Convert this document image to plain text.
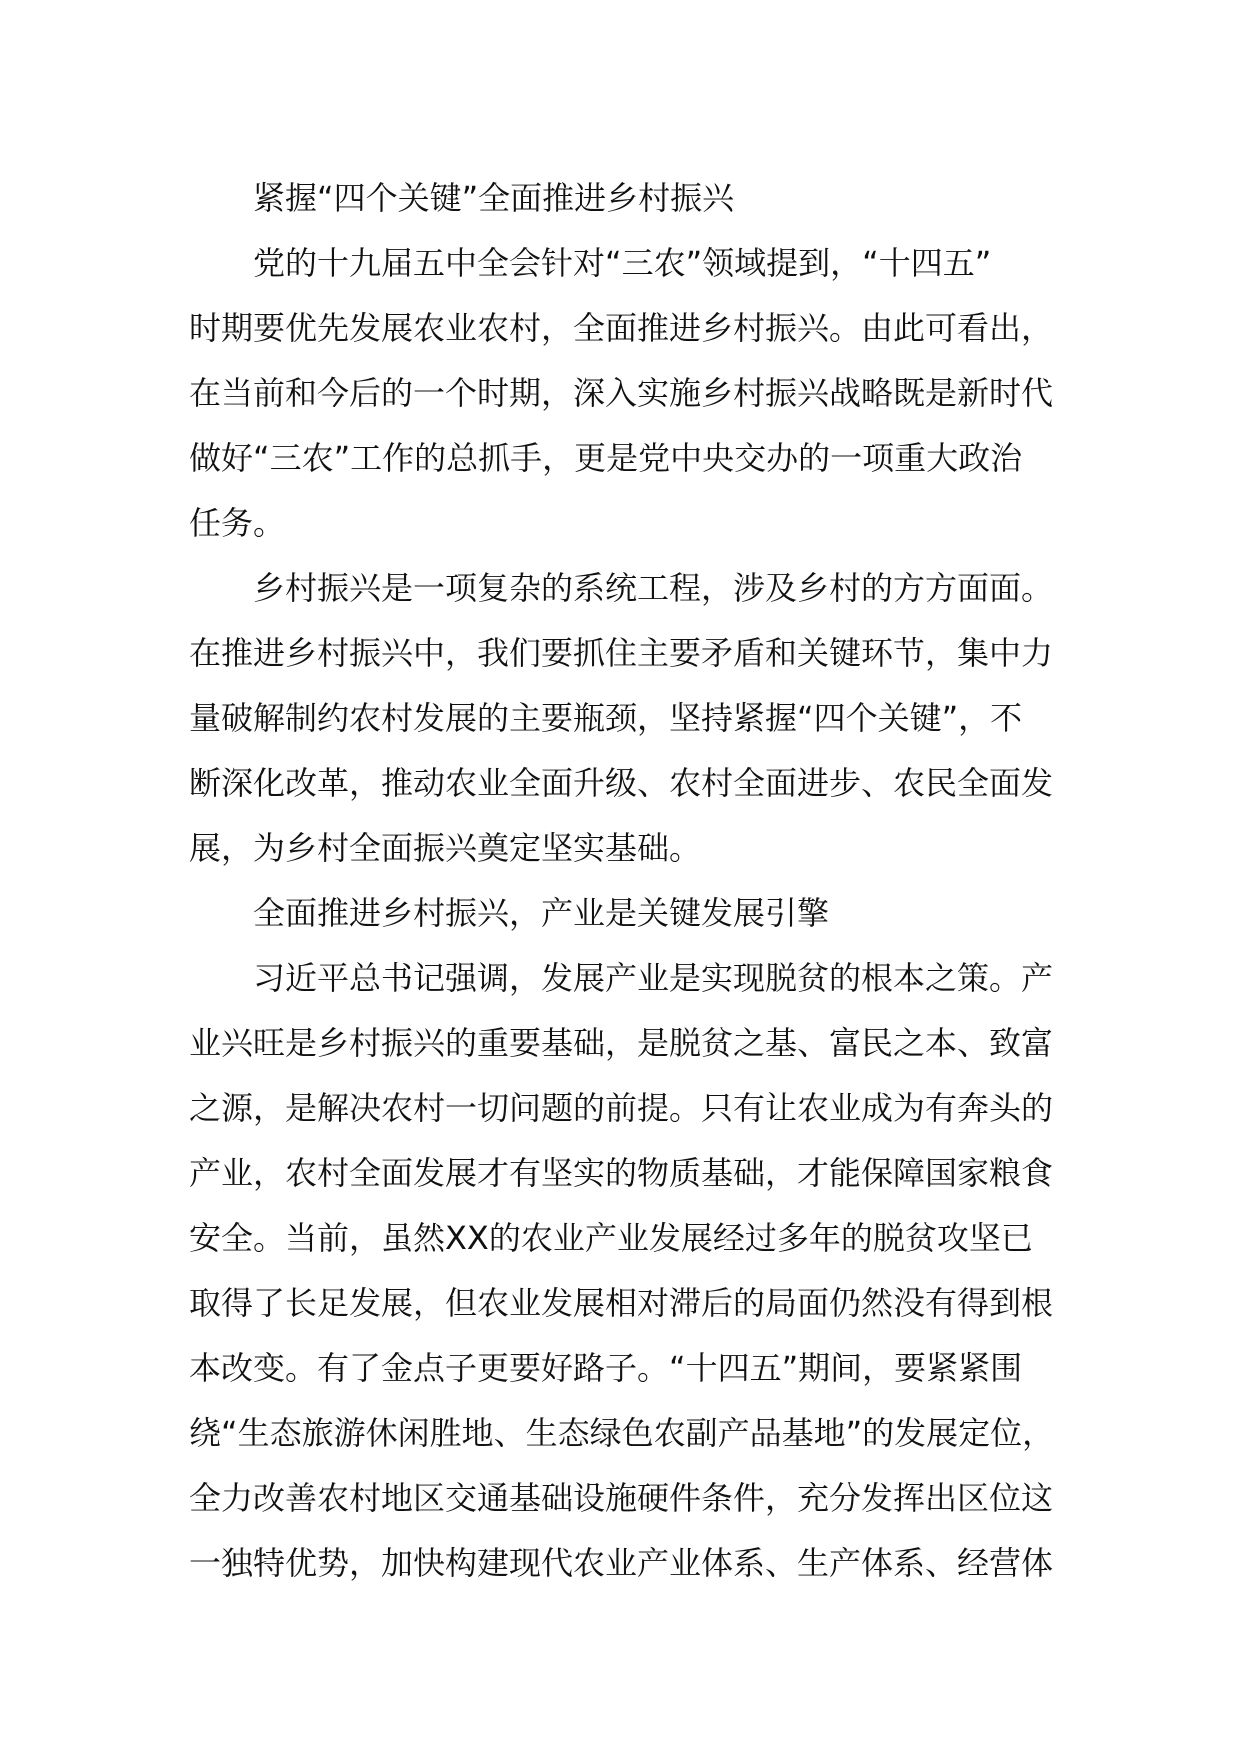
紧握“四个关键”全面推进乡村振兴
党的十九届五中全会针对“三农”领域提到，“十四五”
时期要优先发展农业农村，全面推进乡村振兴。由此可看出，
在当前和今后的一个时期，深入实施乡村振兴战略既是新时代
做好“三农”工作的总抓手，更是党中央交办的一项重大政治
任务。
乡村振兴是一项复杂的系统工程，涉及乡村的方方面面。
在推进乡村振兴中，我们要抓住主要矛盾和关键环节，集中力
量破解制约农村发展的主要瓶颈，坚持紧握“四个关键”，不
断深化改革，推动农业全面升级、农村全面进步、农民全面发
展，为乡村全面振兴奠定坚实基础。
全面推进乡村振兴，产业是关键发展引擎
习近平总书记强调，发展产业是实现脱贫的根本之策。产
业兴旺是乡村振兴的重要基础，是脱贫之基、富民之本、致富
之源，是解决农村一切问题的前提。只有让农业成为有奔头的
产业，农村全面发展才有坚实的物质基础，才能保障国家粮食
安全。当前，虽然XX的农业产业发展经过多年的脱贫攻坚已
取得了长足发展，但农业发展相对滞后的局面仍然没有得到根
本改变。有了金点子更要好路子。“十四五”期间，要紧紧围
绕“生态旅游休闲胜地、生态绿色农副产品基地”的发展定位，
全力改善农村地区交通基础设施硬件条件，充分发挥出区位这
一独特优势，加快构建现代农业产业体系、生产体系、经营体
